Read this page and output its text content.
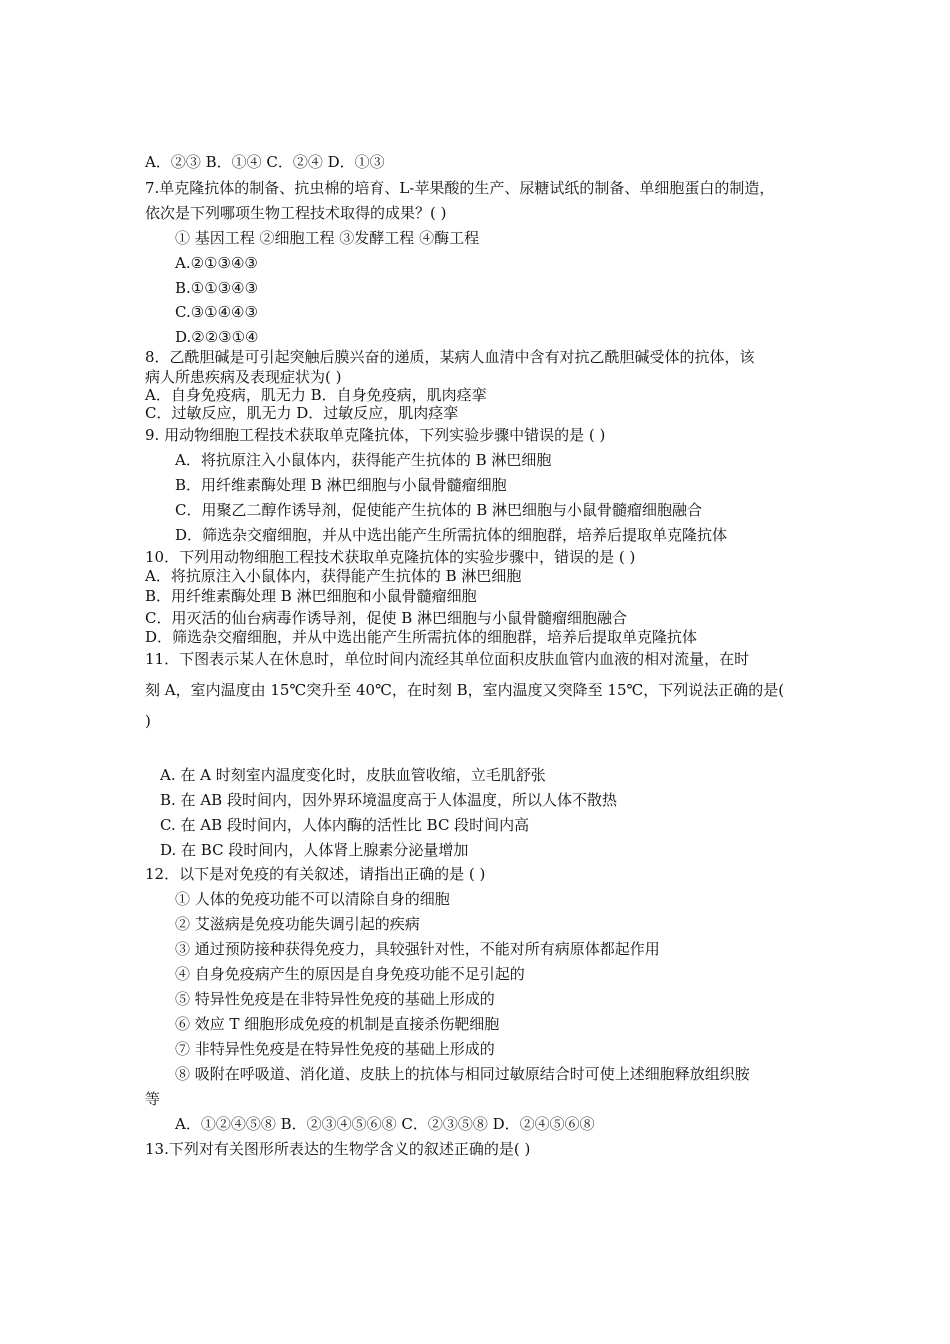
A．②③ B．①④ C．②④ D．①③
7.单克隆抗体的制备、抗虫棉的培育、L-苹果酸的生产、尿糖试纸的制备、单细胞蛋白的制造，
依次是下列哪项生物工程技术取得的成果？( )
① 基因工程 ②细胞工程 ③发酵工程 ④酶工程
A.②①③④③
B.①①③④③
C.③①④④③
D.②②③①④
8．乙酰胆碱是可引起突触后膜兴奋的递质，某病人血清中含有对抗乙酰胆碱受体的抗体，该
病人所患疾病及表现症状为( )
A．自身免疫病，肌无力 B．自身免疫病，肌肉痉挛
C．过敏反应，肌无力 D．过敏反应，肌肉痉挛
9. 用动物细胞工程技术获取单克隆抗体，下列实验步骤中错误的是 ( )
A．将抗原注入小鼠体内，获得能产生抗体的 B 淋巴细胞
B．用纤维素酶处理 B 淋巴细胞与小鼠骨髓瘤细胞
C．用聚乙二醇作诱导剂，促使能产生抗体的 B 淋巴细胞与小鼠骨髓瘤细胞融合
D．筛选杂交瘤细胞，并从中选出能产生所需抗体的细胞群，培养后提取单克隆抗体
10．下列用动物细胞工程技术获取单克隆抗体的实验步骤中，错误的是 ( )
A．将抗原注入小鼠体内，获得能产生抗体的 B 淋巴细胞
B．用纤维素酶处理 B 淋巴细胞和小鼠骨髓瘤细胞
C．用灭活的仙台病毒作诱导剂，促使 B 淋巴细胞与小鼠骨髓瘤细胞融合
D．筛选杂交瘤细胞，并从中选出能产生所需抗体的细胞群，培养后提取单克隆抗体
11．下图表示某人在休息时，单位时间内流经其单位面积皮肤血管内血液的相对流量，在时
刻 A，室内温度由 15℃突升至 40℃，在时刻 B，室内温度又突降至 15℃，下列说法正确的是(
)
A. 在 A 时刻室内温度变化时，皮肤血管收缩，立毛肌舒张
B. 在 AB 段时间内，因外界环境温度高于人体温度，所以人体不散热
C. 在 AB 段时间内，人体内酶的活性比 BC 段时间内高
D. 在 BC 段时间内，人体肾上腺素分泌量增加
12．以下是对免疫的有关叙述，请指出正确的是 ( )
① 人体的免疫功能不可以清除自身的细胞
② 艾滋病是免疫功能失调引起的疾病
③ 通过预防接种获得免疫力，具较强针对性，不能对所有病原体都起作用
④ 自身免疫病产生的原因是自身免疫功能不足引起的
⑤ 特异性免疫是在非特异性免疫的基础上形成的
⑥ 效应 T 细胞形成免疫的机制是直接杀伤靶细胞
⑦ 非特异性免疫是在特异性免疫的基础上形成的
⑧ 吸附在呼吸道、消化道、皮肤上的抗体与相同过敏原结合时可使上述细胞释放组织胺
等
A．①②④⑤⑧ B．②③④⑤⑥⑧ C．②③⑤⑧ D．②④⑤⑥⑧
13.下列对有关图形所表达的生物学含义的叙述正确的是( )
